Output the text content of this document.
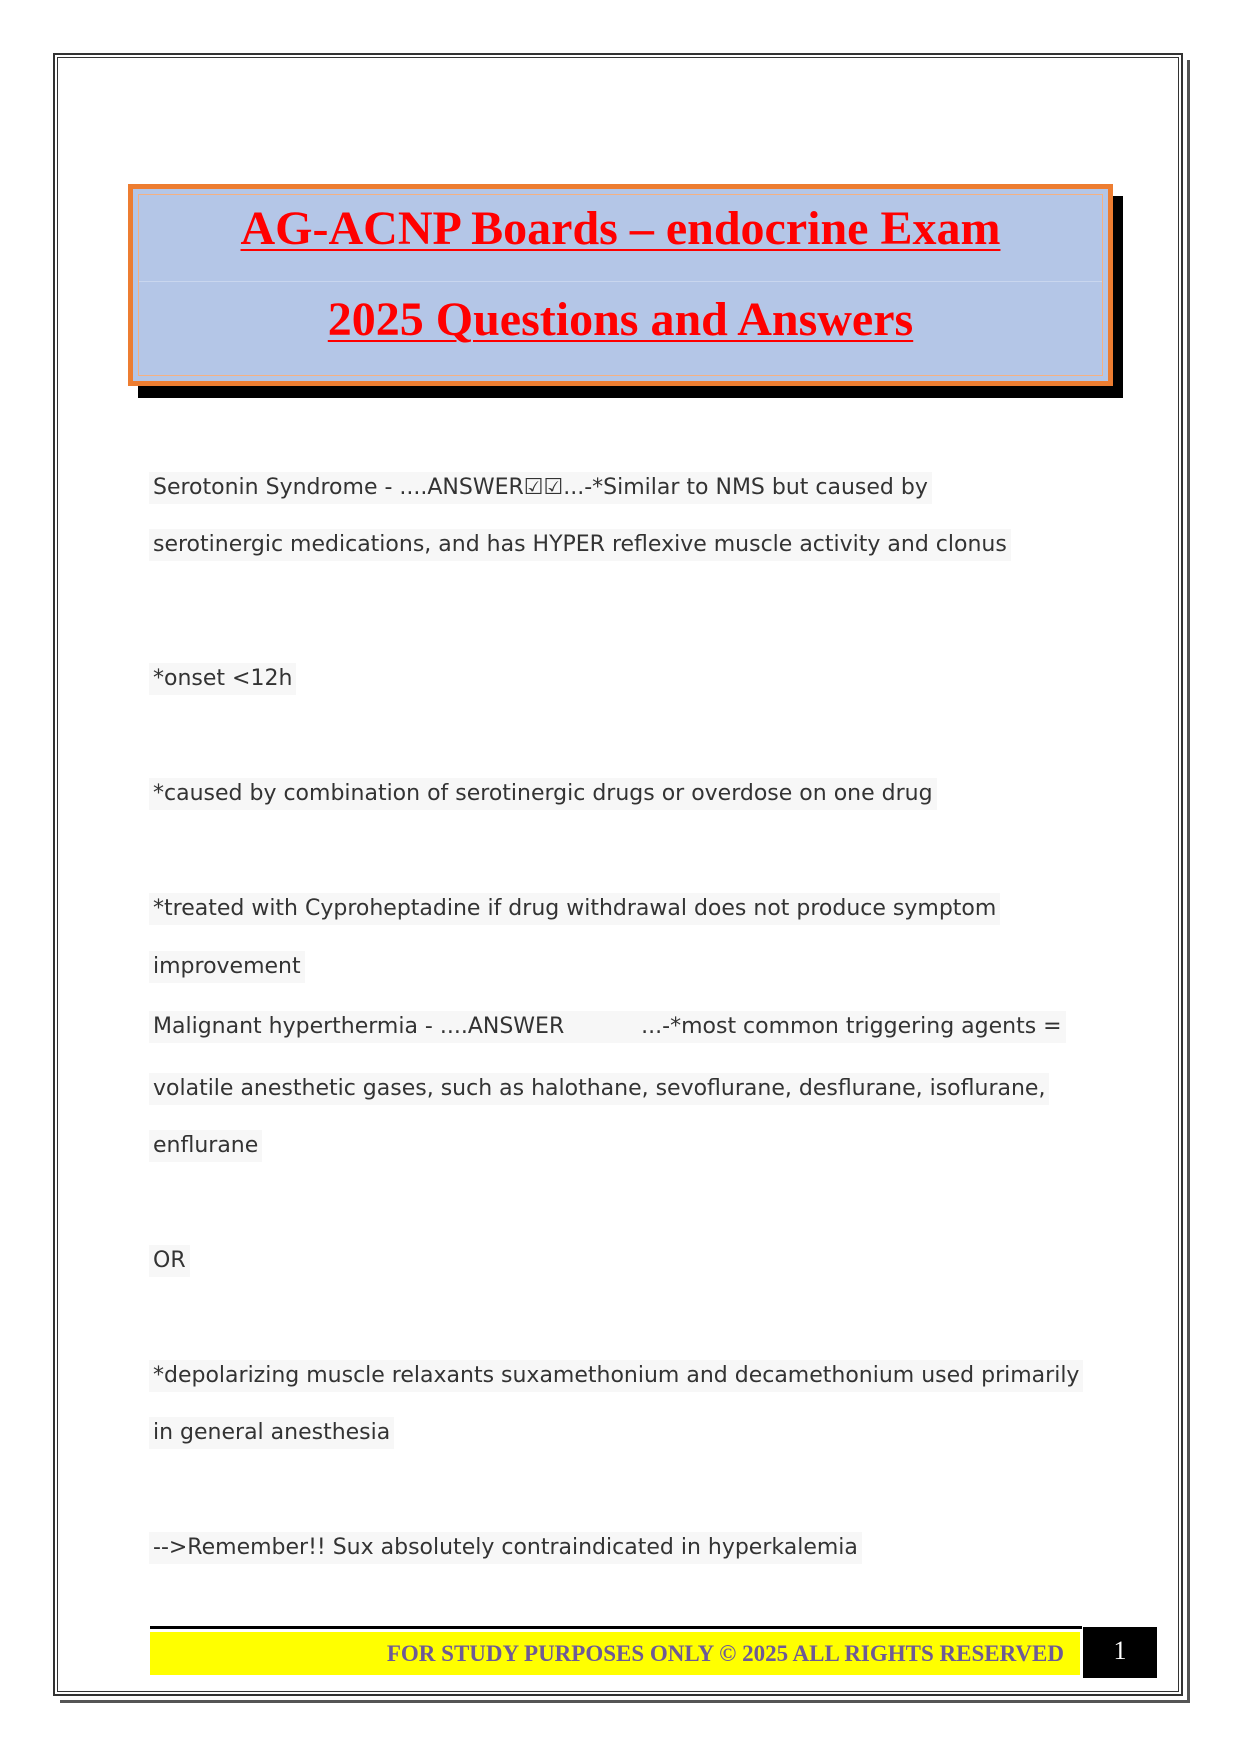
AG-ACNP Boards – endocrine Exam
2025 Questions and Answers
Serotonin Syndrome - ....ANSWER☑☑...-*Similar to NMS but caused by
serotinergic medications, and has HYPER reflexive muscle activity and clonus
*onset <12h
*caused by combination of serotinergic drugs or overdose on one drug
*treated with Cyproheptadine if drug withdrawal does not produce symptom
improvement
Malignant hyperthermia - ....ANSWER           ...-*most common triggering agents =
volatile anesthetic gases, such as halothane, sevoflurane, desflurane, isoflurane,
enflurane
OR
*depolarizing muscle relaxants suxamethonium and decamethonium used primarily
in general anesthesia
-->Remember!! Sux absolutely contraindicated in hyperkalemia
FOR STUDY PURPOSES ONLY © 2025 ALL RIGHTS RESERVED	1
